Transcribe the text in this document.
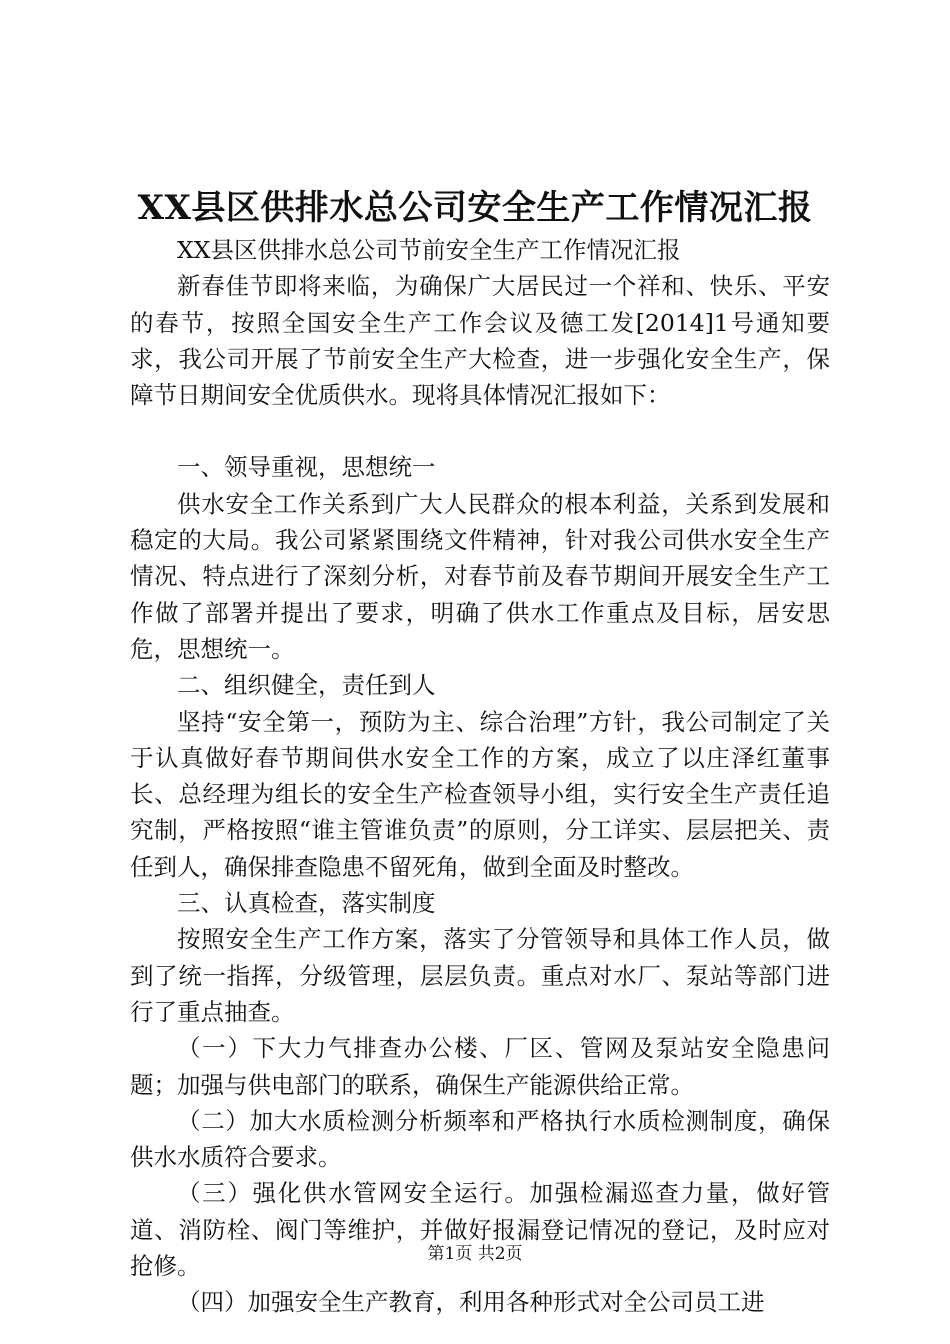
XX县区供排水总公司安全生产工作情况汇报

XX县区供排水总公司节前安全生产工作情况汇报

新春佳节即将来临，为确保广大居民过一个祥和、快乐、平安的春节，按照全国安全生产工作会议及德工发[2014]1号通知要求，我公司开展了节前安全生产大检查，进一步强化安全生产，保障节日期间安全优质供水。现将具体情况汇报如下：

一、领导重视，思想统一

供水安全工作关系到广大人民群众的根本利益，关系到发展和稳定的大局。我公司紧紧围绕文件精神，针对我公司供水安全生产情况、特点进行了深刻分析，对春节前及春节期间开展安全生产工作做了部署并提出了要求，明确了供水工作重点及目标，居安思危，思想统一。

二、组织健全，责任到人

坚持“安全第一，预防为主、综合治理”方针，我公司制定了关于认真做好春节期间供水安全工作的方案，成立了以庄泽红董事长、总经理为组长的安全生产检查领导小组，实行安全生产责任追究制，严格按照“谁主管谁负责”的原则，分工详实、层层把关、责任到人，确保排查隐患不留死角，做到全面及时整改。

三、认真检查，落实制度

按照安全生产工作方案，落实了分管领导和具体工作人员，做到了统一指挥，分级管理，层层负责。重点对水厂、泵站等部门进行了重点抽查。

（一）下大力气排查办公楼、厂区、管网及泵站安全隐患问题；加强与供电部门的联系，确保生产能源供给正常。

（二）加大水质检测分析频率和严格执行水质检测制度，确保供水水质符合要求。

（三）强化供水管网安全运行。加强检漏巡查力量，做好管道、消防栓、阀门等维护，并做好报漏登记情况的登记，及时应对抢修。

（四）加强安全生产教育，利用各种形式对全公司员工进

第1页 共2页
